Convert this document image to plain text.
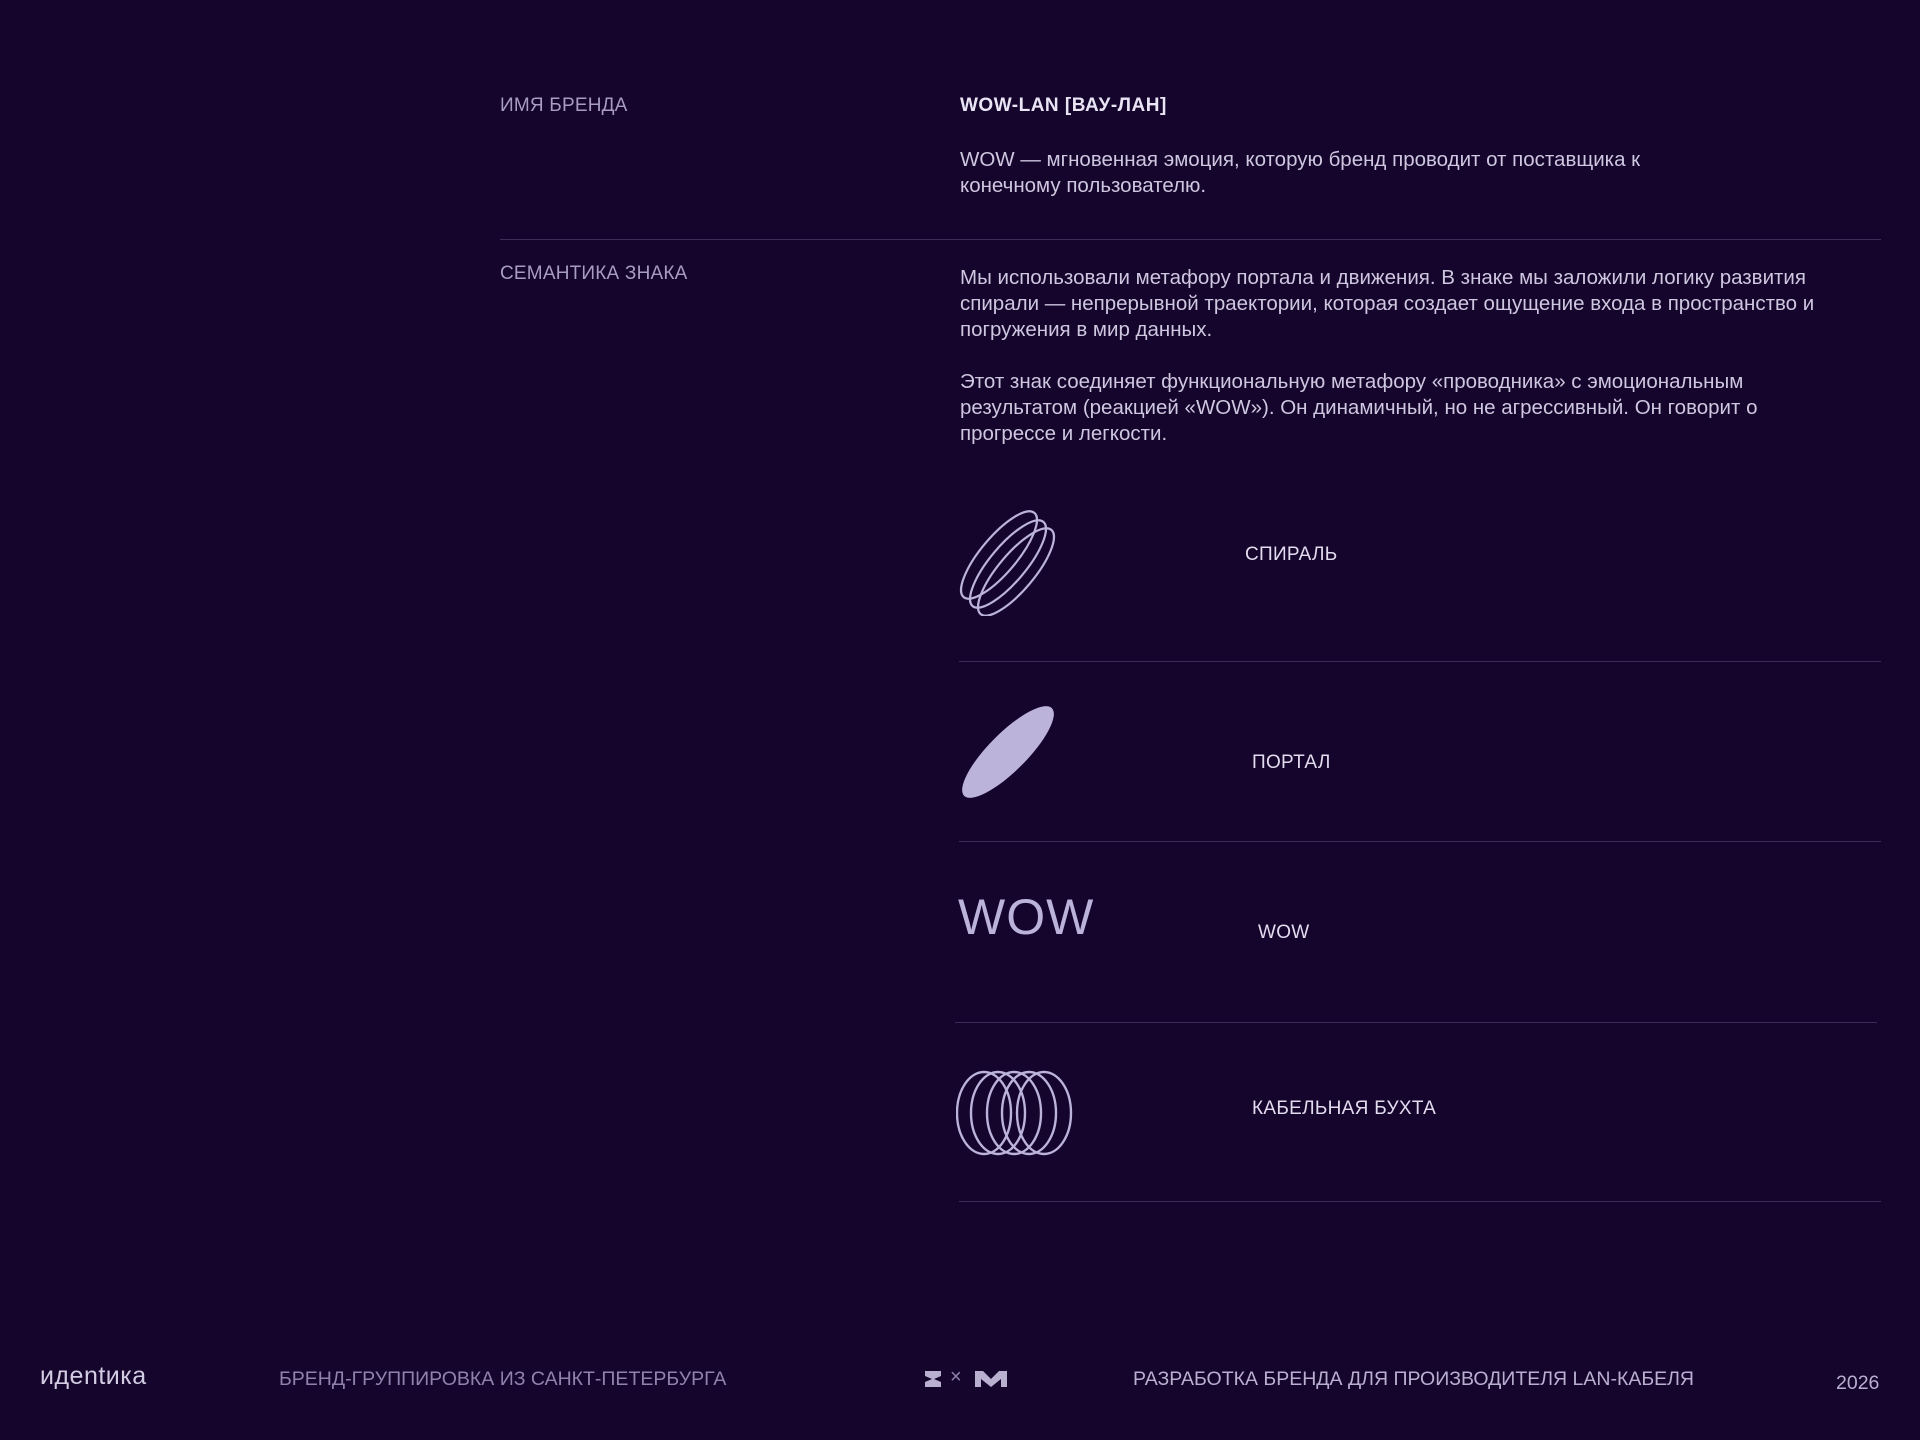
ИМЯ БРЕНДА	WOW-LAN [ВАУ-ЛАН]

WOW — мгновенная эмоция, которую бренд проводит от поставщика к конечному пользователю.

СЕМАНТИКА ЗНАКА	Мы использовали метафору портала и движения. В знаке мы заложили логику развития спирали — непрерывной траектории, которая создает ощущение входа в пространство и погружения в мир данных.

Этот знак соединяет функциональную метафору «проводника» с эмоциональным результатом (реакцией «WOW»). Он динамичный, но не агрессивный. Он говорит о прогрессе и легкости.

СПИРАЛЬ
ПОРТАЛ
WOW	WOW
КАБЕЛЬНАЯ БУХТА
идentика	БРЕНД-ГРУППИРОВКА ИЗ САНКТ-ПЕТЕРБУРГА	×	РАЗРАБОТКА БРЕНДА ДЛЯ ПРОИЗВОДИТЕЛЯ LAN-КАБЕЛЯ	2026
